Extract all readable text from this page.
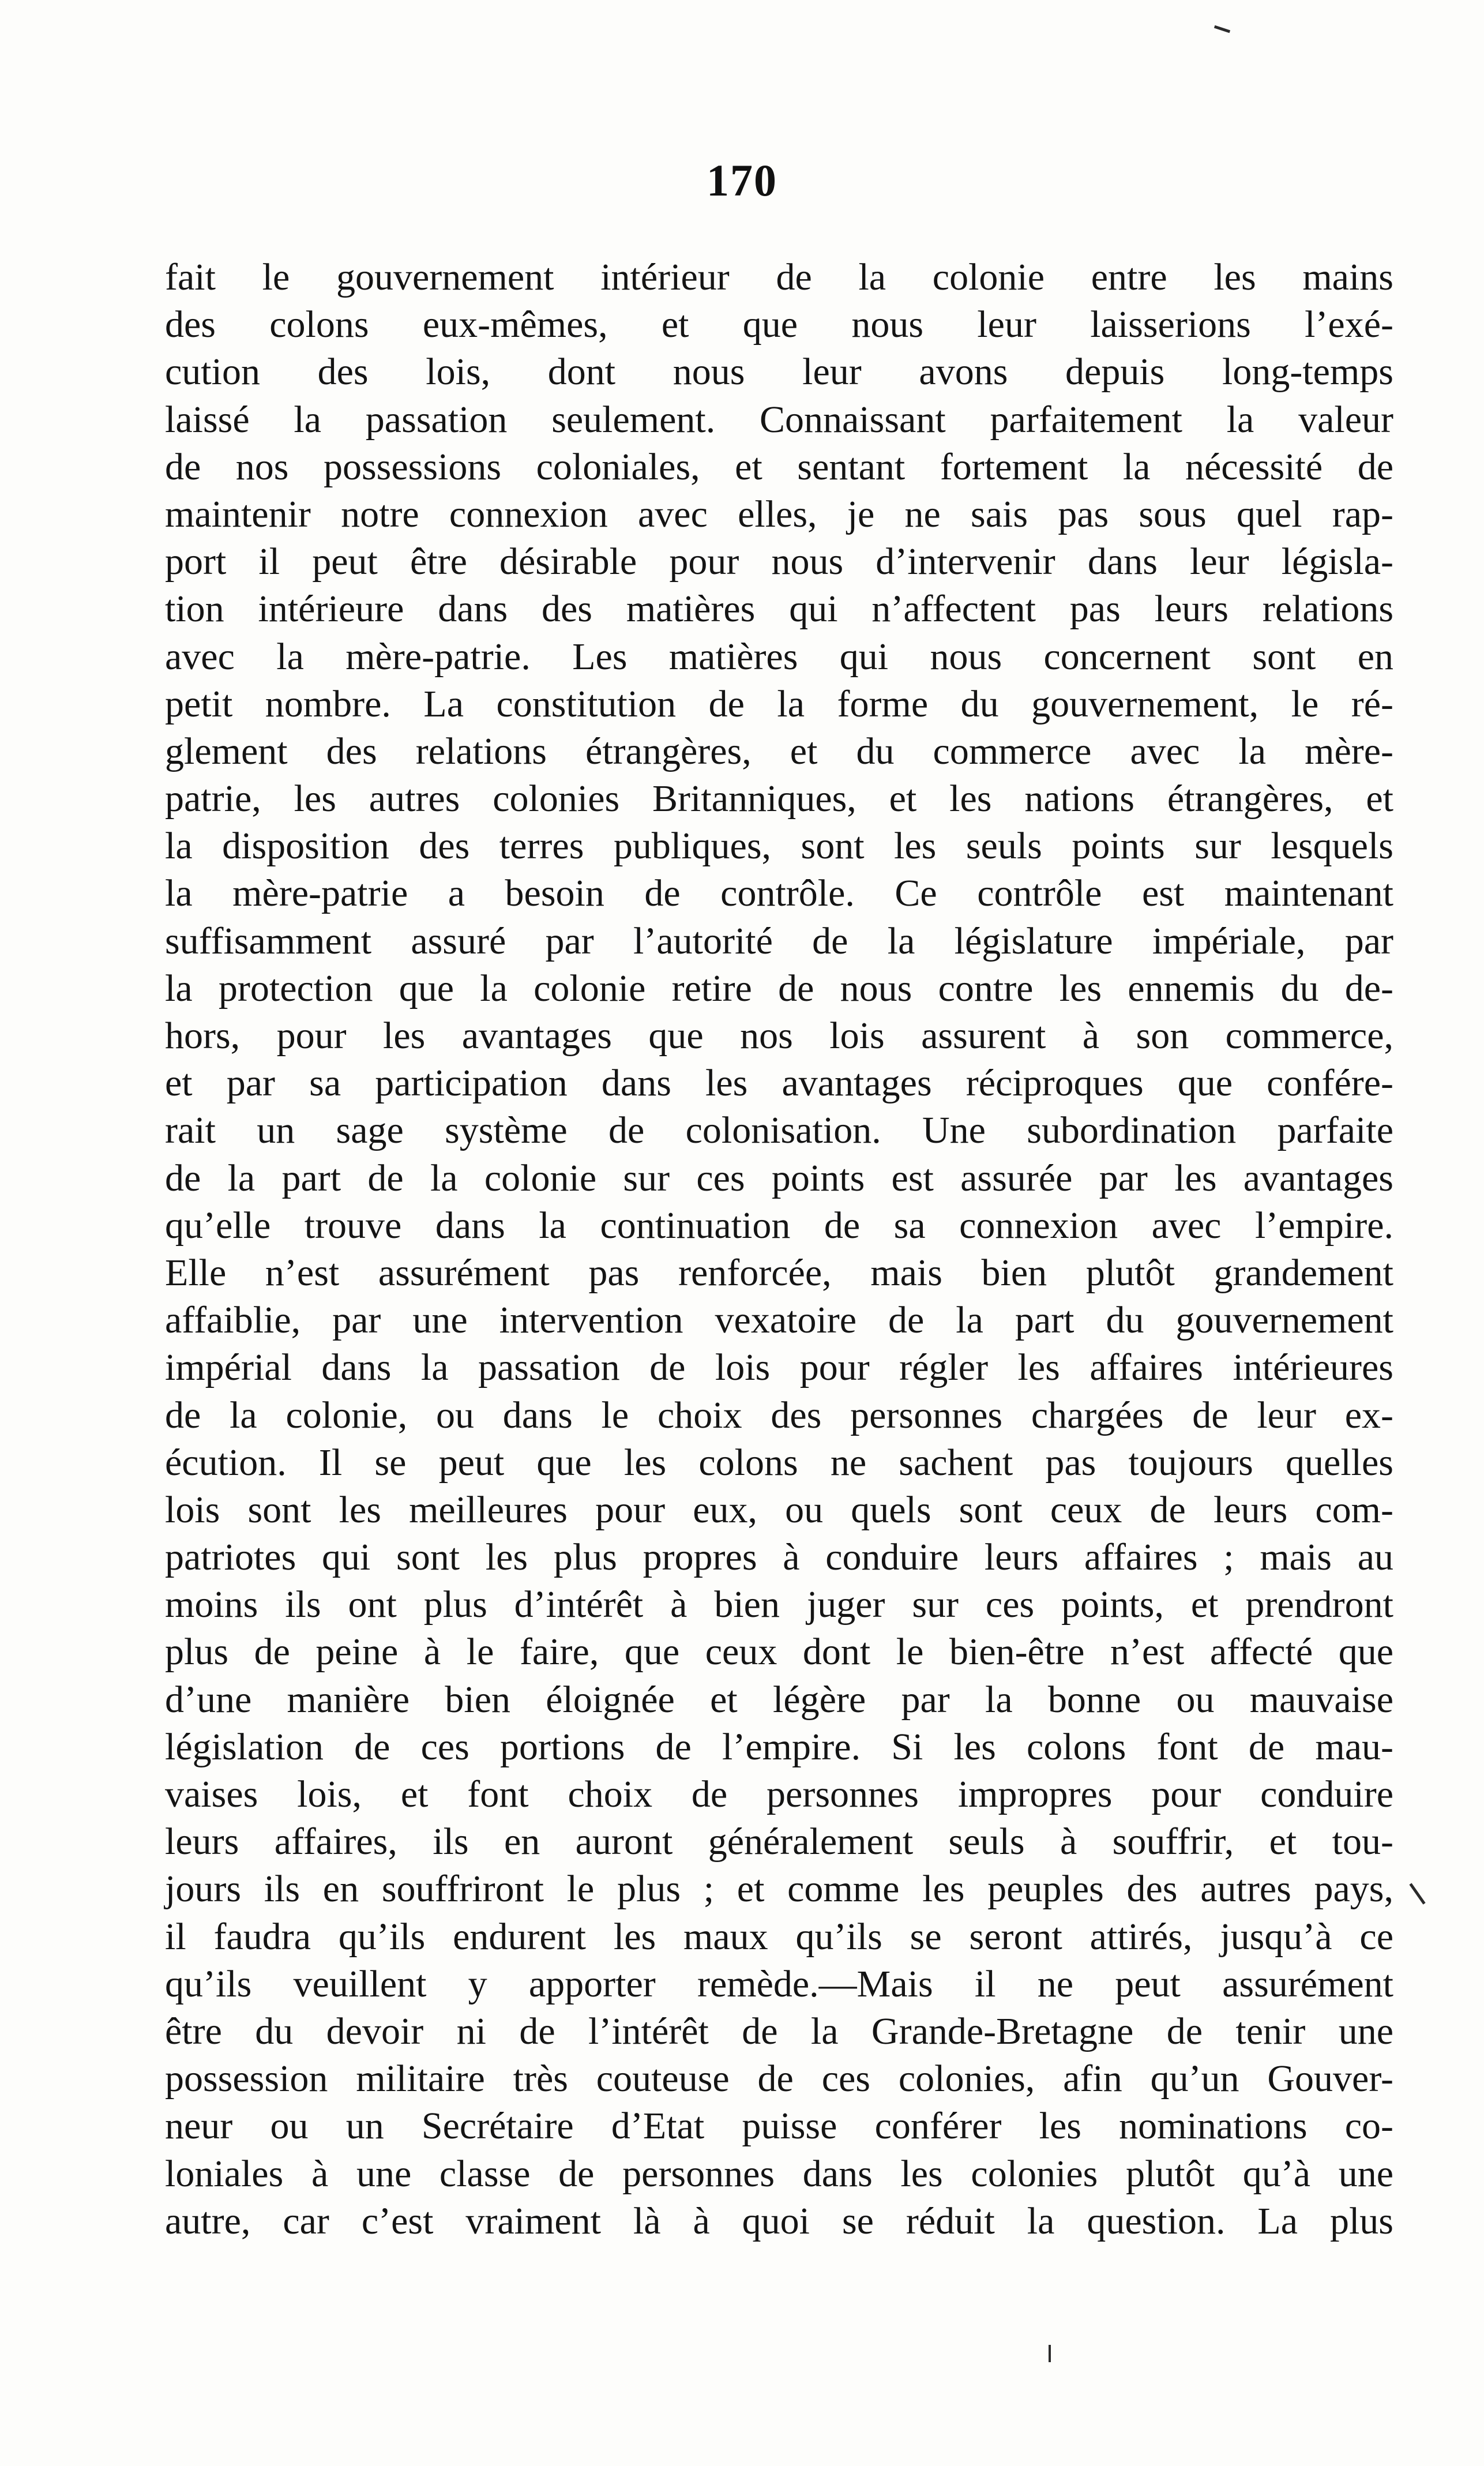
170
fait le gouvernement intérieur de la colonie entre les mains
des colons eux-mêmes, et que nous leur laisserions l’exé-
cution des lois, dont nous leur avons depuis long-temps
laissé la passation seulement. Connaissant parfaitement la valeur
de nos possessions coloniales, et sentant fortement la nécessité de
maintenir notre connexion avec elles, je ne sais pas sous quel rap-
port il peut être désirable pour nous d’intervenir dans leur législa-
tion intérieure dans des matières qui n’affectent pas leurs relations
avec la mère-patrie. Les matières qui nous concernent sont en
petit nombre. La constitution de la forme du gouvernement, le ré-
glement des relations étrangères, et du commerce avec la mère-
patrie, les autres colonies Britanniques, et les nations étrangères, et
la disposition des terres publiques, sont les seuls points sur lesquels
la mère-patrie a besoin de contrôle. Ce contrôle est maintenant
suffisamment assuré par l’autorité de la législature impériale, par
la protection que la colonie retire de nous contre les ennemis du de-
hors, pour les avantages que nos lois assurent à son commerce,
et par sa participation dans les avantages réciproques que confére-
rait un sage système de colonisation. Une subordination parfaite
de la part de la colonie sur ces points est assurée par les avantages
qu’elle trouve dans la continuation de sa connexion avec l’empire.
Elle n’est assurément pas renforcée, mais bien plutôt grandement
affaiblie, par une intervention vexatoire de la part du gouvernement
impérial dans la passation de lois pour régler les affaires intérieures
de la colonie, ou dans le choix des personnes chargées de leur ex-
écution. Il se peut que les colons ne sachent pas toujours quelles
lois sont les meilleures pour eux, ou quels sont ceux de leurs com-
patriotes qui sont les plus propres à conduire leurs affaires ; mais au
moins ils ont plus d’intérêt à bien juger sur ces points, et prendront
plus de peine à le faire, que ceux dont le bien-être n’est affecté que
d’une manière bien éloignée et légère par la bonne ou mauvaise
législation de ces portions de l’empire. Si les colons font de mau-
vaises lois, et font choix de personnes impropres pour conduire
leurs affaires, ils en auront généralement seuls à souffrir, et tou-
jours ils en souffriront le plus ; et comme les peuples des autres pays,
il faudra qu’ils endurent les maux qu’ils se seront attirés, jusqu’à ce
qu’ils veuillent y apporter remède.—Mais il ne peut assurément
être du devoir ni de l’intérêt de la Grande-Bretagne de tenir une
possession militaire très couteuse de ces colonies, afin qu’un Gouver-
neur ou un Secrétaire d’Etat puisse conférer les nominations co-
loniales à une classe de personnes dans les colonies plutôt qu’à une
autre, car c’est vraiment là à quoi se réduit la question. La plus
